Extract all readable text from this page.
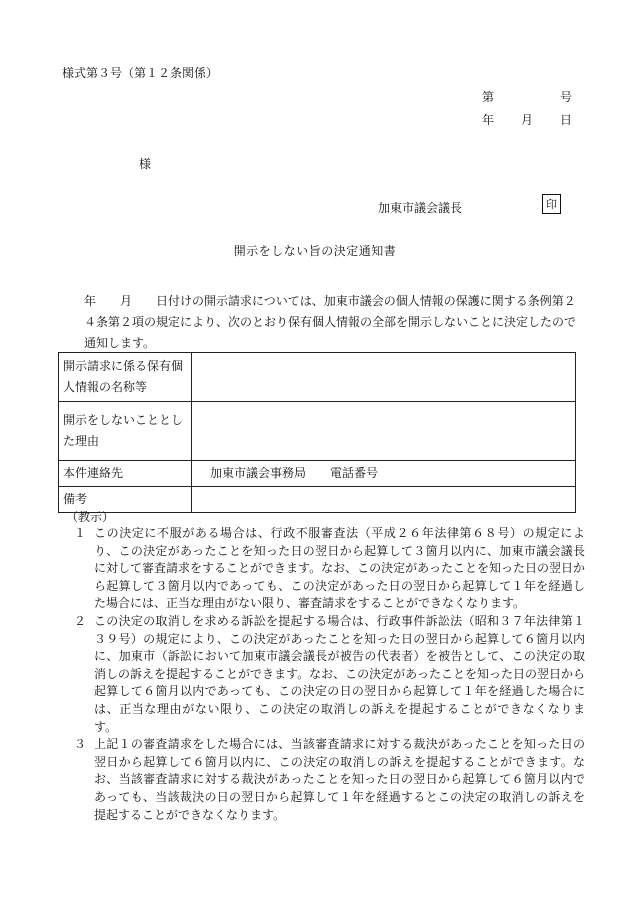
様式第３号（第１２条関係）
第	号
年 月 日
様
加東市議会議長	印
開示をしない旨の決定通知書

年　　月　　日付けの開示請求については、加東市議会の個人情報の保護に関する条例第２４条第２項の規定により、次のとおり保有個人情報の全部を開示しないことに決定したので通知します。

開示請求に係る保有個人情報の名称等	
開示をしないこととした理由	
本件連絡先	加東市議会事務局　　電話番号
備考	
（教示）
１ この決定に不服がある場合は、行政不服審査法（平成２６年法律第６８号）の規定により、この決定があったことを知った日の翌日から起算して３箇月以内に、加東市議会議長に対して審査請求をすることができます。なお、この決定があったことを知った日の翌日から起算して３箇月以内であっても、この決定があった日の翌日から起算して１年を経過した場合には、正当な理由がない限り、審査請求をすることができなくなります。
２ この決定の取消しを求める訴訟を提起する場合は、行政事件訴訟法（昭和３７年法律第１３９号）の規定により、この決定があったことを知った日の翌日から起算して６箇月以内に、加東市（訴訟において加東市議会議長が被告の代表者）を被告として、この決定の取消しの訴えを提起することができます。なお、この決定があったことを知った日の翌日から起算して６箇月以内であっても、この決定の日の翌日から起算して１年を経過した場合には、正当な理由がない限り、この決定の取消しの訴えを提起することができなくなります。
３ 上記１の審査請求をした場合には、当該審査請求に対する裁決があったことを知った日の翌日から起算して６箇月以内に、この決定の取消しの訴えを提起することができます。なお、当該審査請求に対する裁決があったことを知った日の翌日から起算して６箇月以内であっても、当該裁決の日の翌日から起算して１年を経過するとこの決定の取消しの訴えを提起することができなくなります。
